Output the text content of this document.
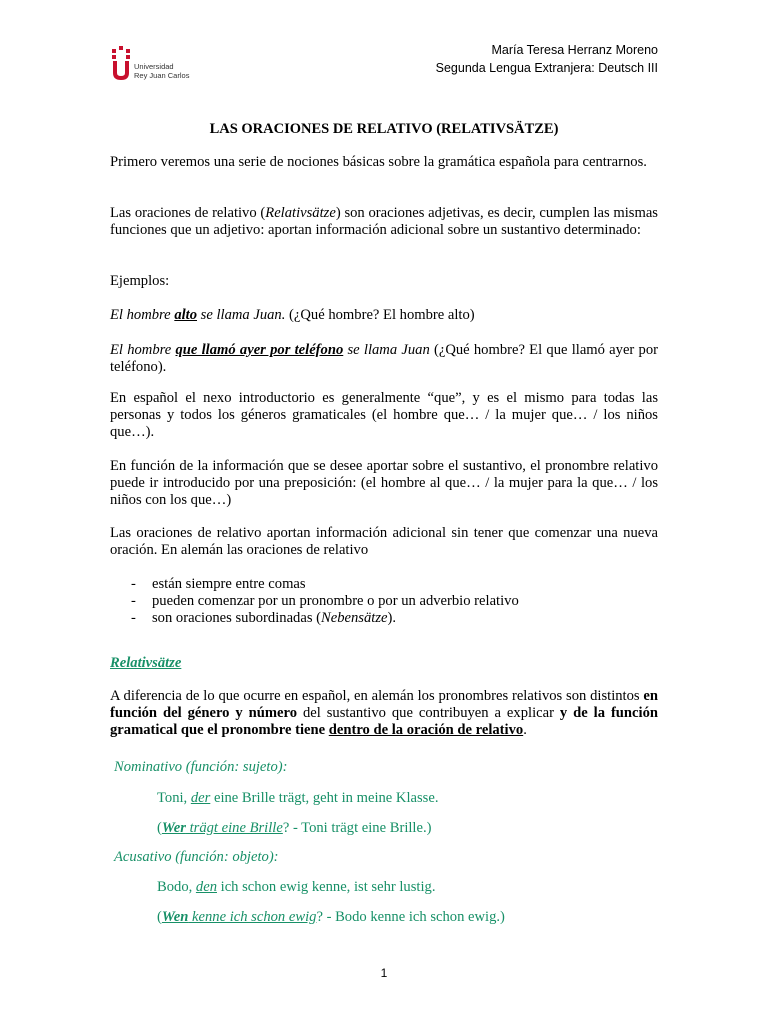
Universidad
Rey Juan Carlos
María Teresa Herranz Moreno
Segunda Lengua Extranjera: Deutsch III
LAS ORACIONES DE RELATIVO (RELATIVSÄTZE)

Primero veremos una serie de nociones básicas sobre la gramática española para centrarnos.

Las oraciones de relativo (Relativsätze) son oraciones adjetivas, es decir, cumplen las mismas funciones que un adjetivo: aportan información adicional sobre un sustantivo determinado:

Ejemplos:

El hombre alto se llama Juan. (¿Qué hombre? El hombre alto)

El hombre que llamó ayer por teléfono se llama Juan (¿Qué hombre? El que llamó ayer por teléfono).

En español el nexo introductorio es generalmente “que”, y es el mismo para todas las personas y todos los géneros gramaticales (el hombre que… / la mujer que… / los niños que…).

En función de la información que se desee aportar sobre el sustantivo, el pronombre relativo puede ir introducido por una preposición: (el hombre al que… / la mujer para la que… / los niños con los que…)

Las oraciones de relativo aportan información adicional sin tener que comenzar una nueva oración. En alemán las oraciones de relativo

- están siempre entre comas
- pueden comenzar por un pronombre o por un adverbio relativo
- son oraciones subordinadas (Nebensätze).
Relativsätze

A diferencia de lo que ocurre en español, en alemán los pronombres relativos son distintos en función del género y número del sustantivo que contribuyen a explicar y de la función gramatical que el pronombre tiene dentro de la oración de relativo.

Nominativo (función: sujeto):
Toni, der eine Brille trägt, geht in meine Klasse.
(Wer trägt eine Brille? - Toni trägt eine Brille.)
Acusativo (función: objeto):
Bodo, den ich schon ewig kenne, ist sehr lustig.
(Wen kenne ich schon ewig? - Bodo kenne ich schon ewig.)
1
